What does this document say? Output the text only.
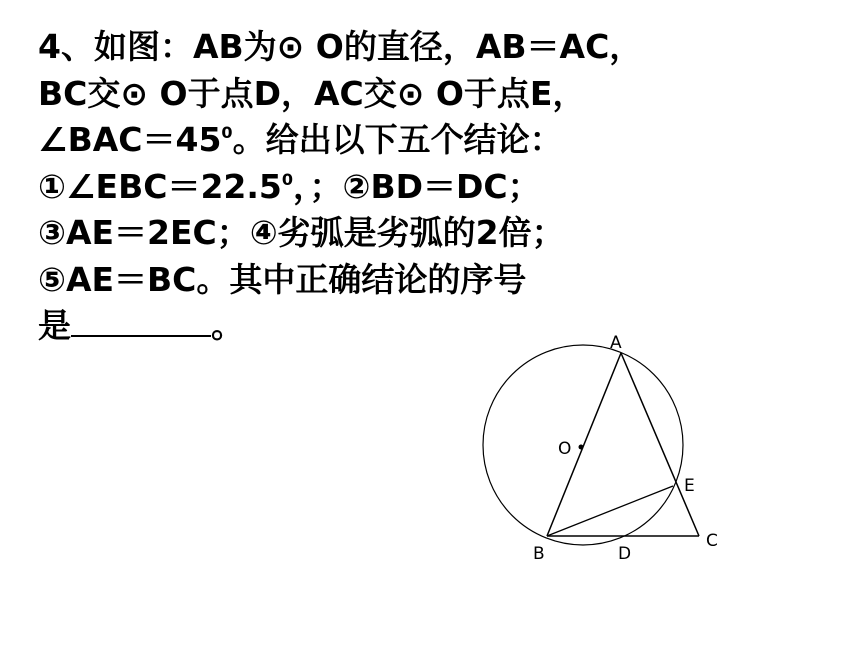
4、如图：AB为⊙ O的直径，AB＝AC，
BC交⊙ O于点D，AC交⊙ O于点E，
$\angle BAC=45^0$。给出以下五个结论：
$①\angle EBC=22.5^0$，；②BD＝DC；
③AE＝2EC；④劣弧是劣弧的2倍；
⑤AE＝BC。其中正确结论的序号
是	。	A
O
E
C
B	D
